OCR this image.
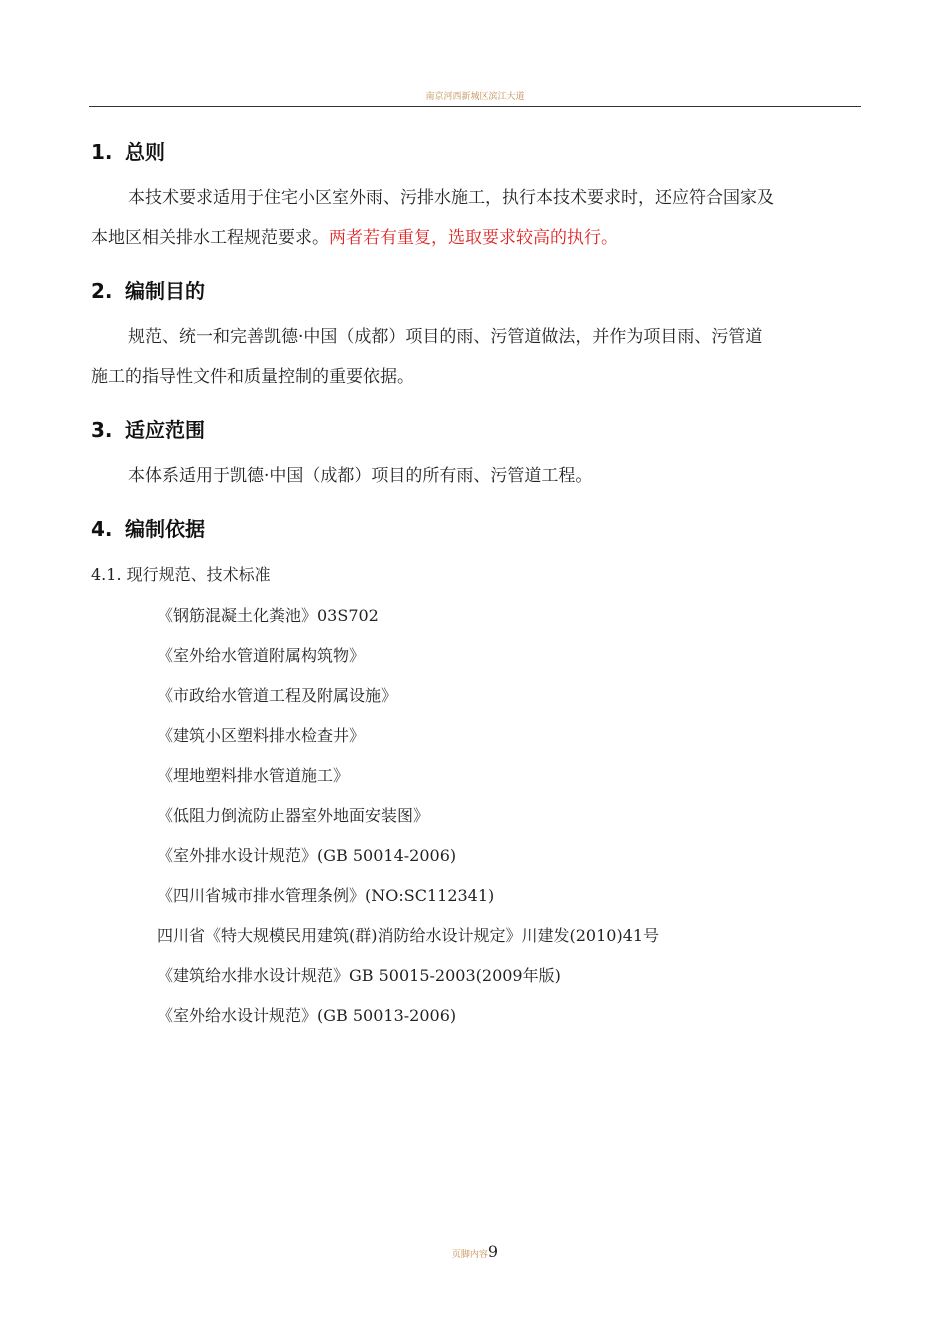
南京河西新城区滨江大道
1. 总则
本技术要求适用于住宅小区室外雨、污排水施工，执行本技术要求时，还应符合国家及
本地区相关排水工程规范要求。两者若有重复，选取要求较高的执行。
2. 编制目的
规范、统一和完善凯德·中国（成都）项目的雨、污管道做法，并作为项目雨、污管道
施工的指导性文件和质量控制的重要依据。
3. 适应范围
本体系适用于凯德·中国（成都）项目的所有雨、污管道工程。
4. 编制依据
4.1. 现行规范、技术标准
《钢筋混凝土化粪池》03S702
《室外给水管道附属构筑物》
《市政给水管道工程及附属设施》
《建筑小区塑料排水检查井》
《埋地塑料排水管道施工》
《低阻力倒流防止器室外地面安装图》
《室外排水设计规范》(GB 50014-2006)
《四川省城市排水管理条例》(NO:SC112341)
四川省《特大规模民用建筑(群)消防给水设计规定》川建发(2010)41号
《建筑给水排水设计规范》GB 50015-2003(2009年版)
《室外给水设计规范》(GB 50013-2006)
页脚内容9
